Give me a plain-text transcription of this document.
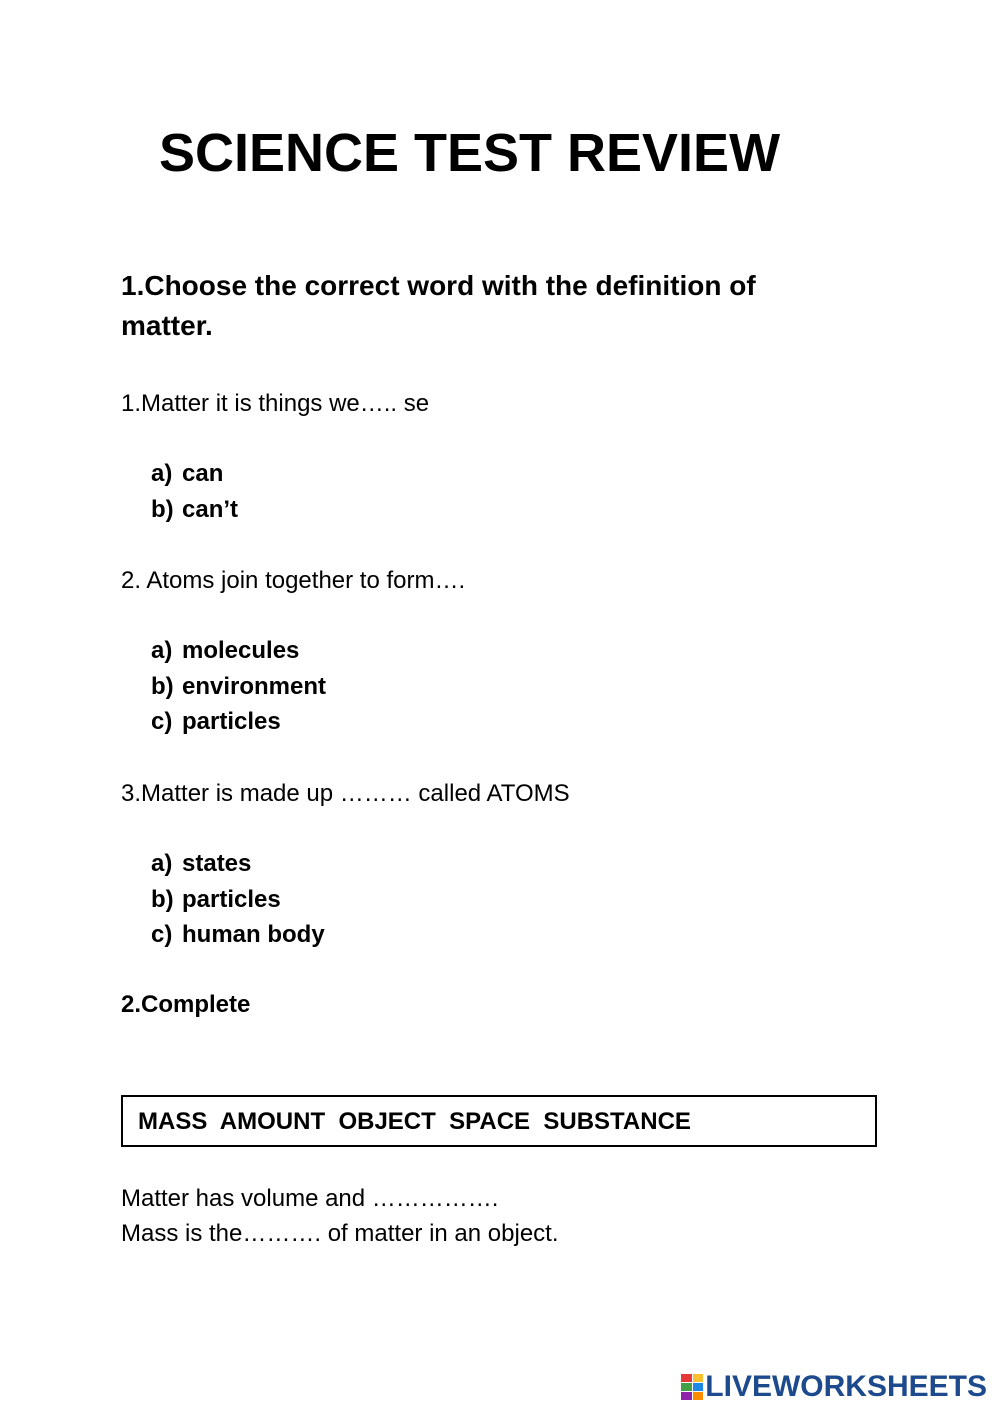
SCIENCE TEST REVIEW

1.Choose the correct word with the definition of matter.

1.Matter it is things we….. se

a) can
b) can’t

2. Atoms join together to form….

a) molecules
b) environment
c) particles

3.Matter is made up ……… called ATOMS

a) states
b) particles
c) human body

2.Complete

MASS  AMOUNT  OBJECT  SPACE  SUBSTANCE

Matter has volume and …………….

Mass is the………. of matter in an object.

LIVEWORKSHEETS
